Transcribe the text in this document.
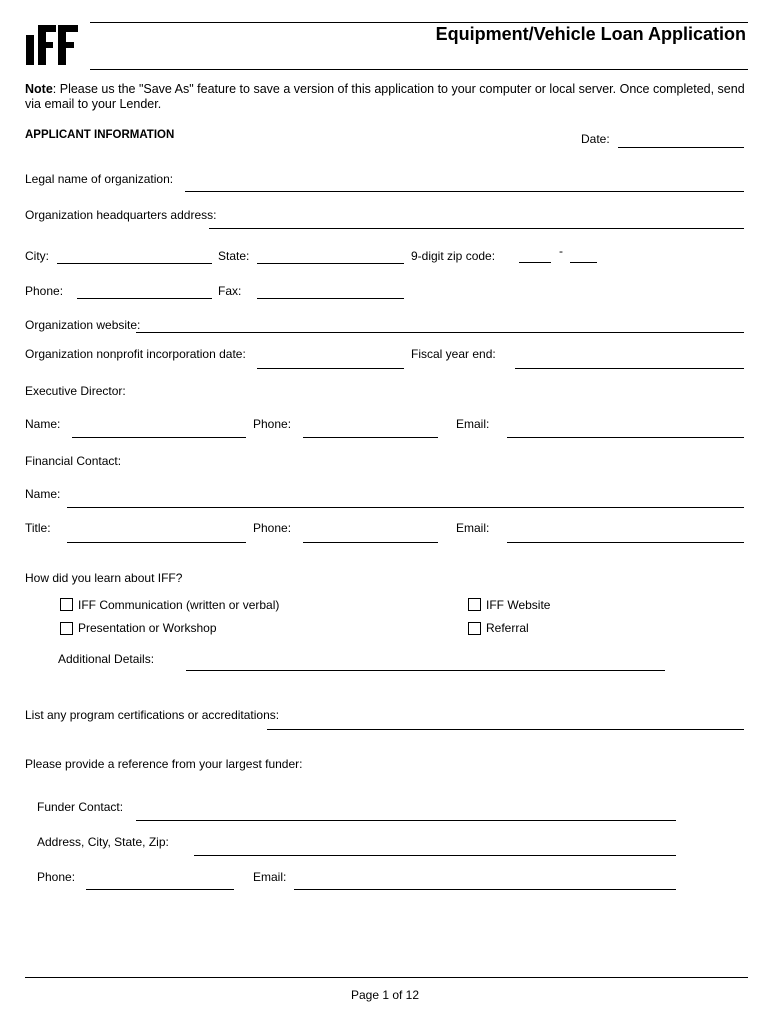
Equipment/Vehicle Loan Application
Note: Please us the "Save As" feature to save a version of this application to your computer or local server. Once completed, send via email to your Lender.
APPLICANT INFORMATION	Date:
Legal name of organization:
Organization headquarters address:
City:	State:	9-digit zip code:	-
Phone:	Fax:
Organization website:
Organization nonprofit incorporation date:	Fiscal year end:
Executive Director:
Name:	Phone:	Email:
Financial Contact:
Name:
Title:	Phone:	Email:
How did you learn about IFF?
IFF Communication (written or verbal)	IFF Website
Presentation or Workshop	Referral
Additional Details:
List any program certifications or accreditations:
Please provide a reference from your largest funder:
Funder Contact:
Address, City, State, Zip:
Phone:	Email:
Page 1 of 12
